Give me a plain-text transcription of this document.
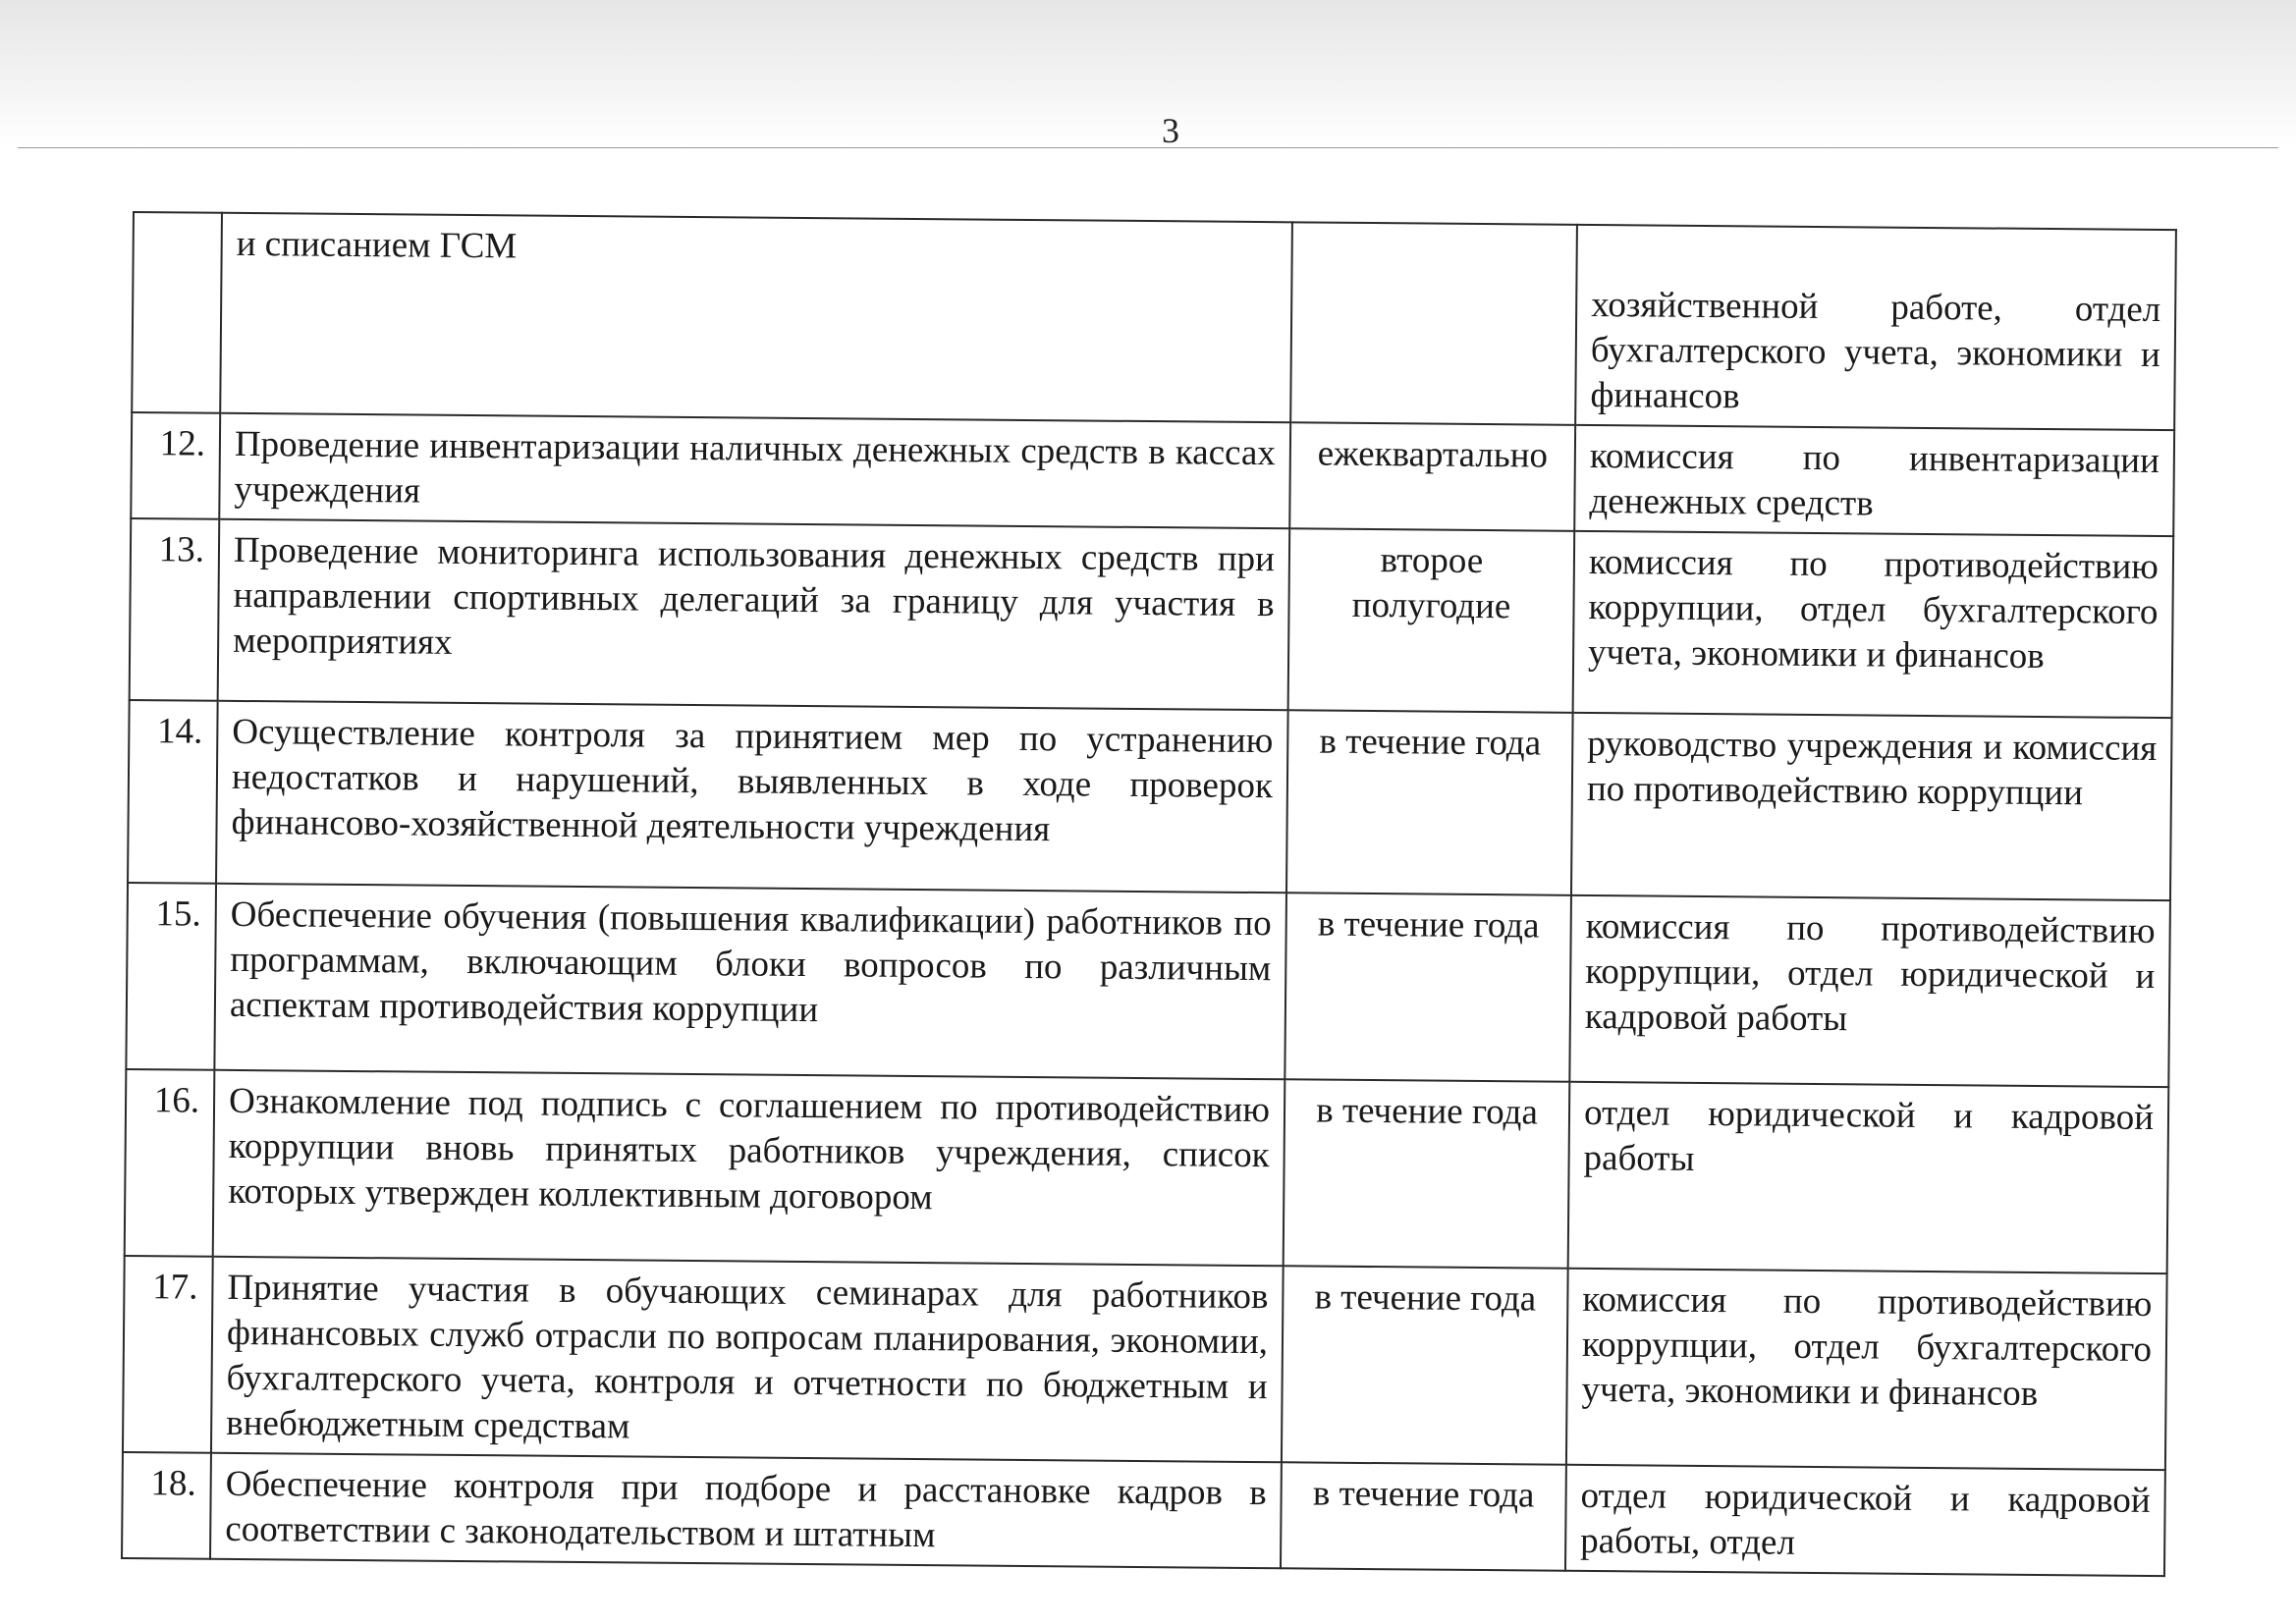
3
	и списанием ГСМ		хозяйственной работе, отдел бухгалтерского учета, экономики и финансов

12.	Проведение инвентаризации наличных денежных средств в кассах учреждения	ежеквартально	комиссия по инвентаризации денежных средств
13.	Проведение мониторинга использования денежных средств при направлении спортивных делегаций за границу для участия в мероприятиях	второе полугодие	комиссия по противодействию коррупции, отдел бухгалтерского учета, экономики и финансов
14.	Осуществление контроля за принятием мер по устранению недостатков и нарушений, выявленных в ходе проверок финансово-хозяйственной деятельности учреждения	в течение года	руководство учреждения и комиссия по противодействию коррупции
15.	Обеспечение обучения (повышения квалификации) работников по программам, включающим блоки вопросов по различным аспектам противодействия коррупции	в течение года	комиссия по противодействию коррупции, отдел юридической и кадровой работы
16.	Ознакомление под подпись с соглашением по противодействию коррупции вновь принятых работников учреждения, список которых утвержден коллективным договором	в течение года	отдел юридической и кадровой работы
17.	Принятие участия в обучающих семинарах для работников финансовых служб отрасли по вопросам планирования, экономии, бухгалтерского учета, контроля и отчетности по бюджетным и внебюджетным средствам	в течение года	комиссия по противодействию коррупции, отдел бухгалтерского учета, экономики и финансов
18.	Обеспечение контроля при подборе и расстановке кадров в соответствии с законодательством и штатным	в течение года	отдел юридической и кадровой работы, отдел
